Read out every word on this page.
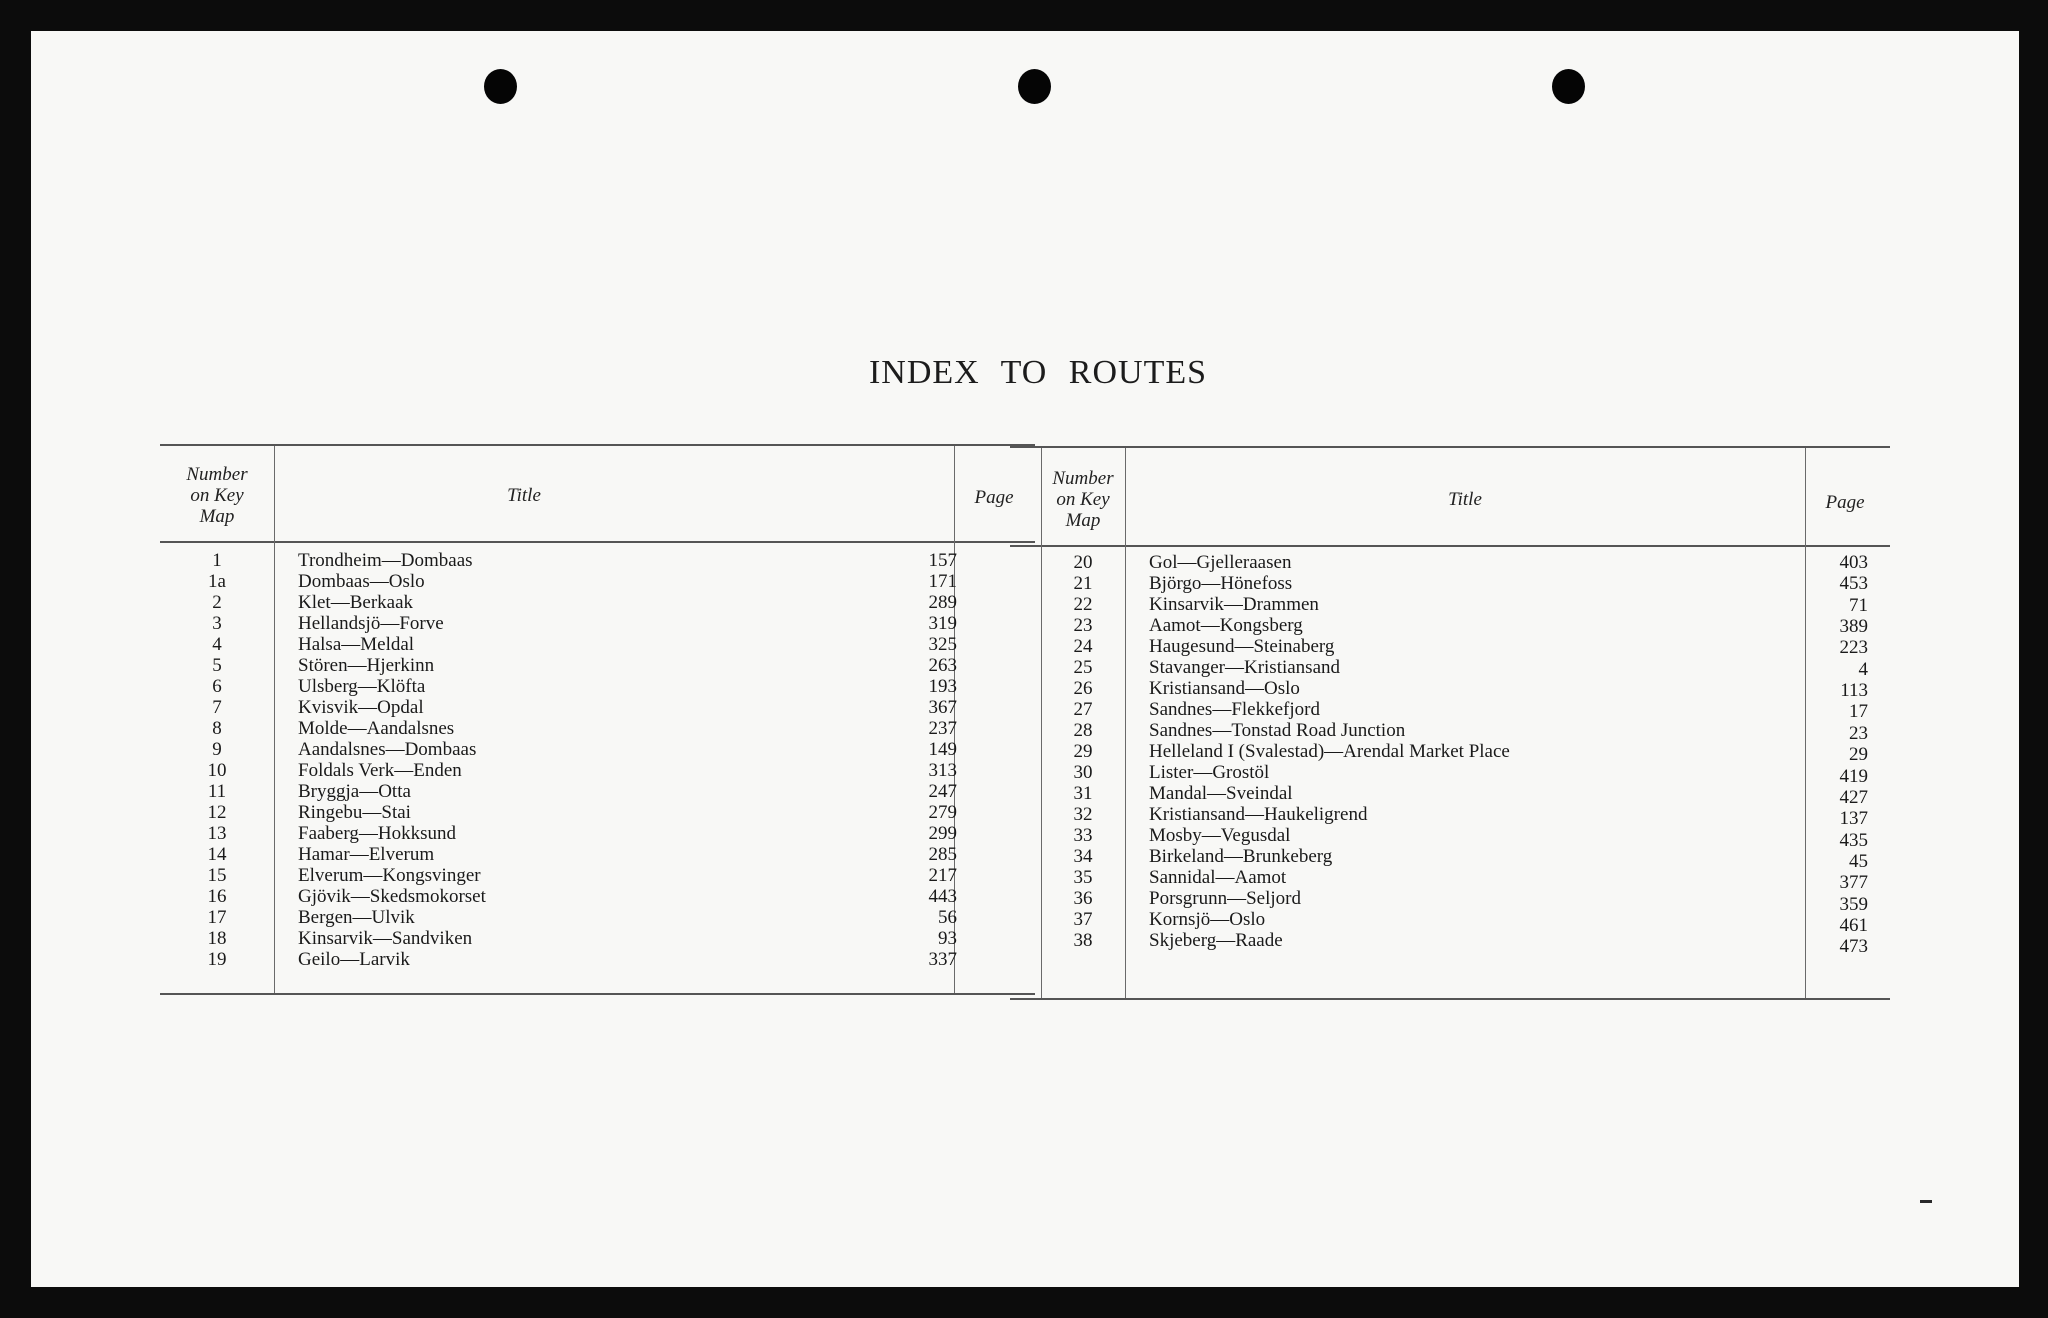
INDEX TO ROUTES
Number
on Key
Map
Title	Page
1	Trondheim—Dombaas	157
1a	Dombaas—Oslo	171
2	Klet—Berkaak	289
3	Hellandsjö—Forve	319
4	Halsa—Meldal	325
5	Stören—Hjerkinn	263
6	Ulsberg—Klöfta	193
7	Kvisvik—Opdal	367
8	Molde—Aandalsnes	237
9	Aandalsnes—Dombaas	149
10	Foldals Verk—Enden	313
11	Bryggja—Otta	247
12	Ringebu—Stai	279
13	Faaberg—Hokksund	299
14	Hamar—Elverum	285
15	Elverum—Kongsvinger	217
16	Gjövik—Skedsmokorset	443
17	Bergen—Ulvik	56
18	Kinsarvik—Sandviken	93
19	Geilo—Larvik	337
Number
on Key
Map
Title	Page
20	Gol—Gjelleraasen	403
21	Björgo—Hönefoss	453
22	Kinsarvik—Drammen	71
23	Aamot—Kongsberg	389
24	Haugesund—Steinaberg	223
25	Stavanger—Kristiansand	4
26	Kristiansand—Oslo	113
27	Sandnes—Flekkefjord	17
28	Sandnes—Tonstad Road Junction	23
29	Helleland I (Svalestad)—Arendal Market Place	29
30	Lister—Grostöl	419
31	Mandal—Sveindal	427
32	Kristiansand—Haukeligrend	137
33	Mosby—Vegusdal	435
34	Birkeland—Brunkeberg	45
35	Sannidal—Aamot	377
36	Porsgrunn—Seljord	359
37	Kornsjö—Oslo	461
38	Skjeberg—Raade	473
